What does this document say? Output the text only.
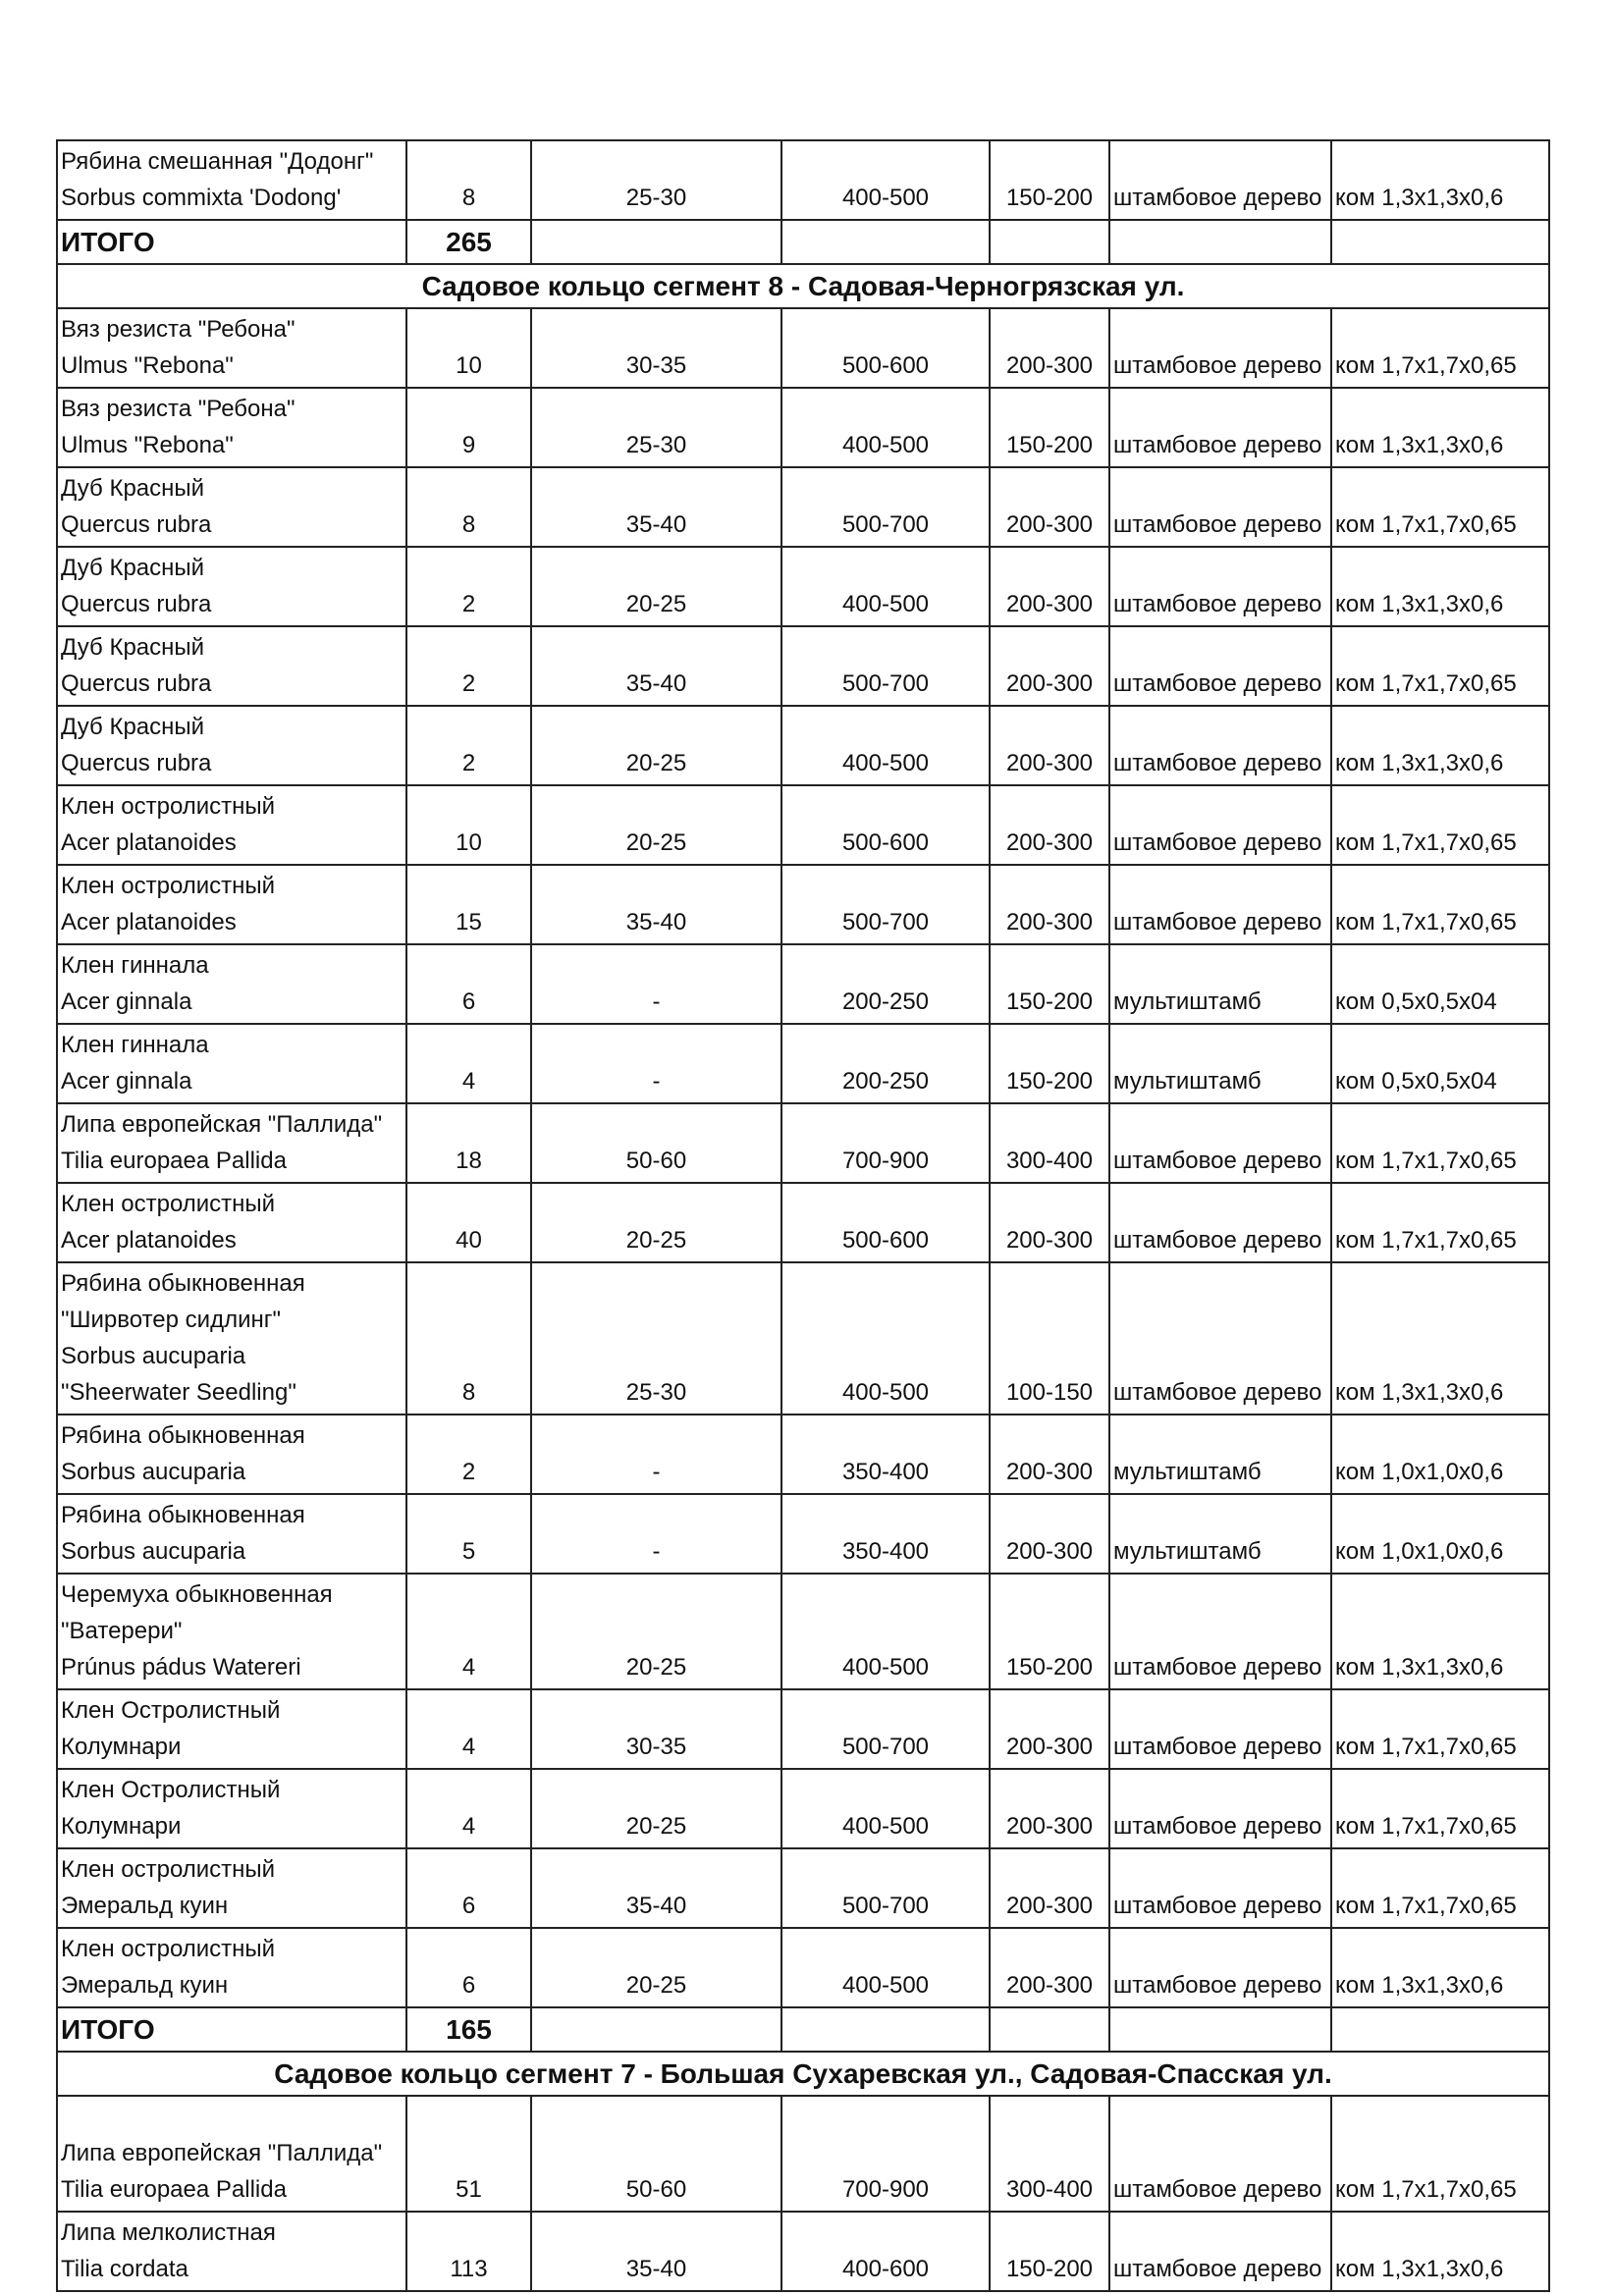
Рябина смешанная "Додонг"
Sorbus commixta 'Dodong'	8	25-30	400-500	150-200	штамбовое дерево	ком 1,3х1,3х0,6
ИТОГО	265					
Садовое кольцо сегмент 8 - Садовая-Черногрязская ул.						

Вяз резиста "Ребона"
Ulmus "Rebona"	10	30-35	500-600	200-300	штамбовое дерево	ком 1,7х1,7х0,65

Вяз резиста "Ребона"
Ulmus "Rebona"	9	25-30	400-500	150-200	штамбовое дерево	ком 1,3х1,3х0,6

Дуб Красный
Quercus rubra	8	35-40	500-700	200-300	штамбовое дерево	ком 1,7х1,7х0,65

Дуб Красный
Quercus rubra	2	20-25	400-500	200-300	штамбовое дерево	ком 1,3х1,3х0,6

Дуб Красный
Quercus rubra	2	35-40	500-700	200-300	штамбовое дерево	ком 1,7х1,7х0,65

Дуб Красный
Quercus rubra	2	20-25	400-500	200-300	штамбовое дерево	ком 1,3х1,3х0,6

Клен остролистный
Acer platanoides	10	20-25	500-600	200-300	штамбовое дерево	ком 1,7х1,7х0,65

Клен остролистный
Acer platanoides	15	35-40	500-700	200-300	штамбовое дерево	ком 1,7х1,7х0,65

Клен гиннала
Acer ginnala	6	-	200-250	150-200	мультиштамб	ком 0,5х0,5х04

Клен гиннала
Acer ginnala	4	-	200-250	150-200	мультиштамб	ком 0,5х0,5х04

Липа европейская "Паллида"
Tilia europaea Pallida	18	50-60	700-900	300-400	штамбовое дерево	ком 1,7х1,7х0,65

Клен остролистный
Acer platanoides	40	20-25	500-600	200-300	штамбовое дерево	ком 1,7х1,7х0,65

Рябина обыкновенная
"Ширвотер сидлинг"
Sorbus aucuparia
"Sheerwater Seedling"	8	25-30	400-500	100-150	штамбовое дерево	ком 1,3х1,3х0,6

Рябина обыкновенная
Sorbus aucuparia	2	-	350-400	200-300	мультиштамб	ком 1,0х1,0х0,6

Рябина обыкновенная
Sorbus aucuparia	5	-	350-400	200-300	мультиштамб	ком 1,0х1,0х0,6

Черемуха обыкновенная
"Ватерери"
Prúnus pádus Watereri	4	20-25	400-500	150-200	штамбовое дерево	ком 1,3х1,3х0,6

Клен Остролистный
Колумнари	4	30-35	500-700	200-300	штамбовое дерево	ком 1,7х1,7х0,65

Клен Остролистный
Колумнари	4	20-25	400-500	200-300	штамбовое дерево	ком 1,7х1,7х0,65

Клен остролистный
Эмеральд куин	6	35-40	500-700	200-300	штамбовое дерево	ком 1,7х1,7х0,65

Клен остролистный
Эмеральд куин	6	20-25	400-500	200-300	штамбовое дерево	ком 1,3х1,3х0,6
ИТОГО	165					
Садовое кольцо сегмент 7 - Большая Сухаревская ул., Садовая-Спасская ул.						

Липа европейская "Паллида"
Tilia europaea Pallida	51	50-60	700-900	300-400	штамбовое дерево	ком 1,7х1,7х0,65

Липа мелколистная
Tilia cordata	113	35-40	400-600	150-200	штамбовое дерево	ком 1,3х1,3х0,6
